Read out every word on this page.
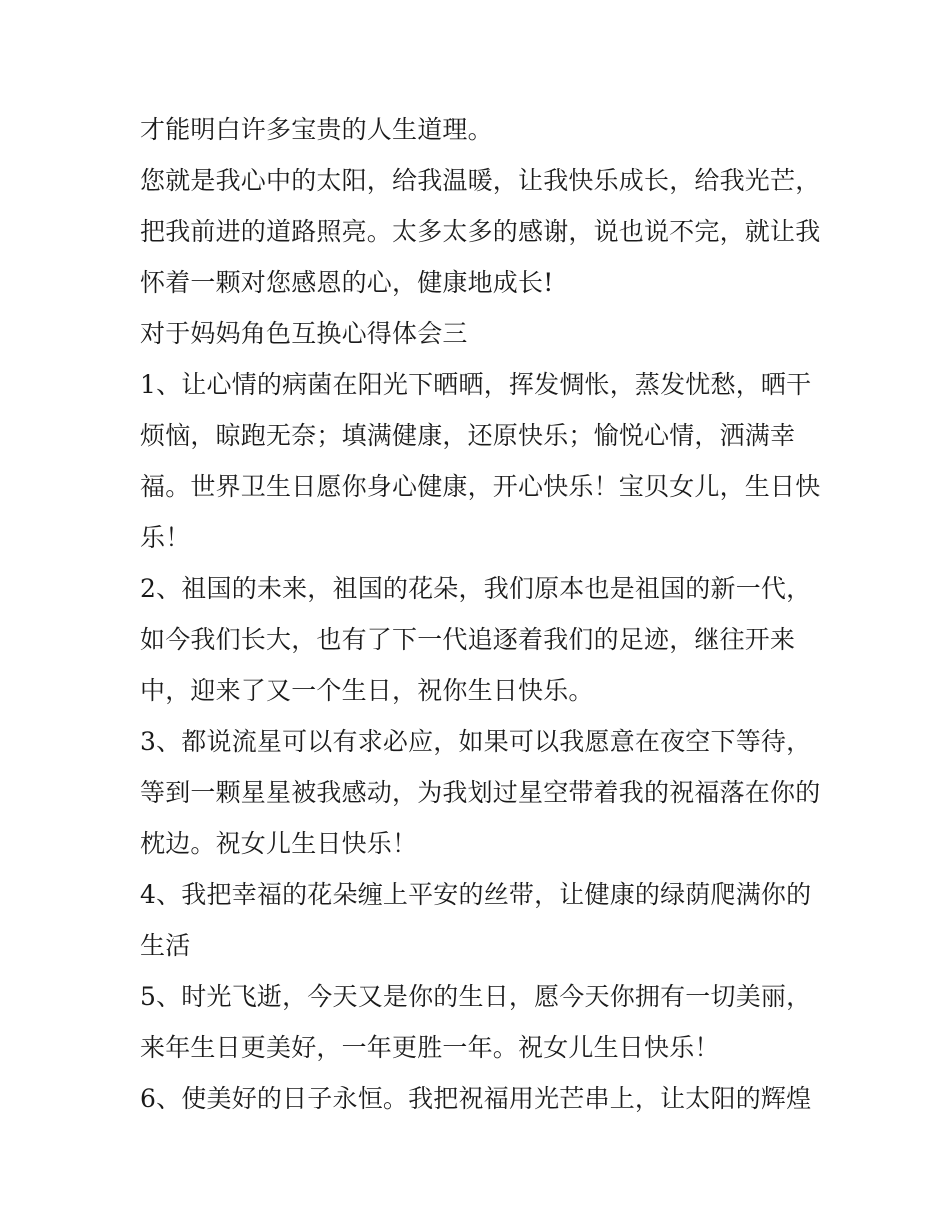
才能明白许多宝贵的人生道理。
您就是我心中的太阳，给我温暖，让我快乐成长，给我光芒，
把我前进的道路照亮。太多太多的感谢，说也说不完，就让我
怀着一颗对您感恩的心，健康地成长!
对于妈妈角色互换心得体会三
1、让心情的病菌在阳光下晒晒，挥发惆怅，蒸发忧愁，晒干
烦恼，晾跑无奈；填满健康，还原快乐；愉悦心情，洒满幸
福。世界卫生日愿你身心健康，开心快乐！宝贝女儿，生日快
乐！
2、祖国的未来，祖国的花朵，我们原本也是祖国的新一代，
如今我们长大，也有了下一代追逐着我们的足迹，继往开来
中，迎来了又一个生日，祝你生日快乐。
3、都说流星可以有求必应，如果可以我愿意在夜空下等待，
等到一颗星星被我感动，为我划过星空带着我的祝福落在你的
枕边。祝女儿生日快乐！
4、我把幸福的花朵缠上平安的丝带，让健康的绿荫爬满你的
生活
5、时光飞逝，今天又是你的生日，愿今天你拥有一切美丽，
来年生日更美好，一年更胜一年。祝女儿生日快乐！
6、使美好的日子永恒。我把祝福用光芒串上，让太阳的辉煌
